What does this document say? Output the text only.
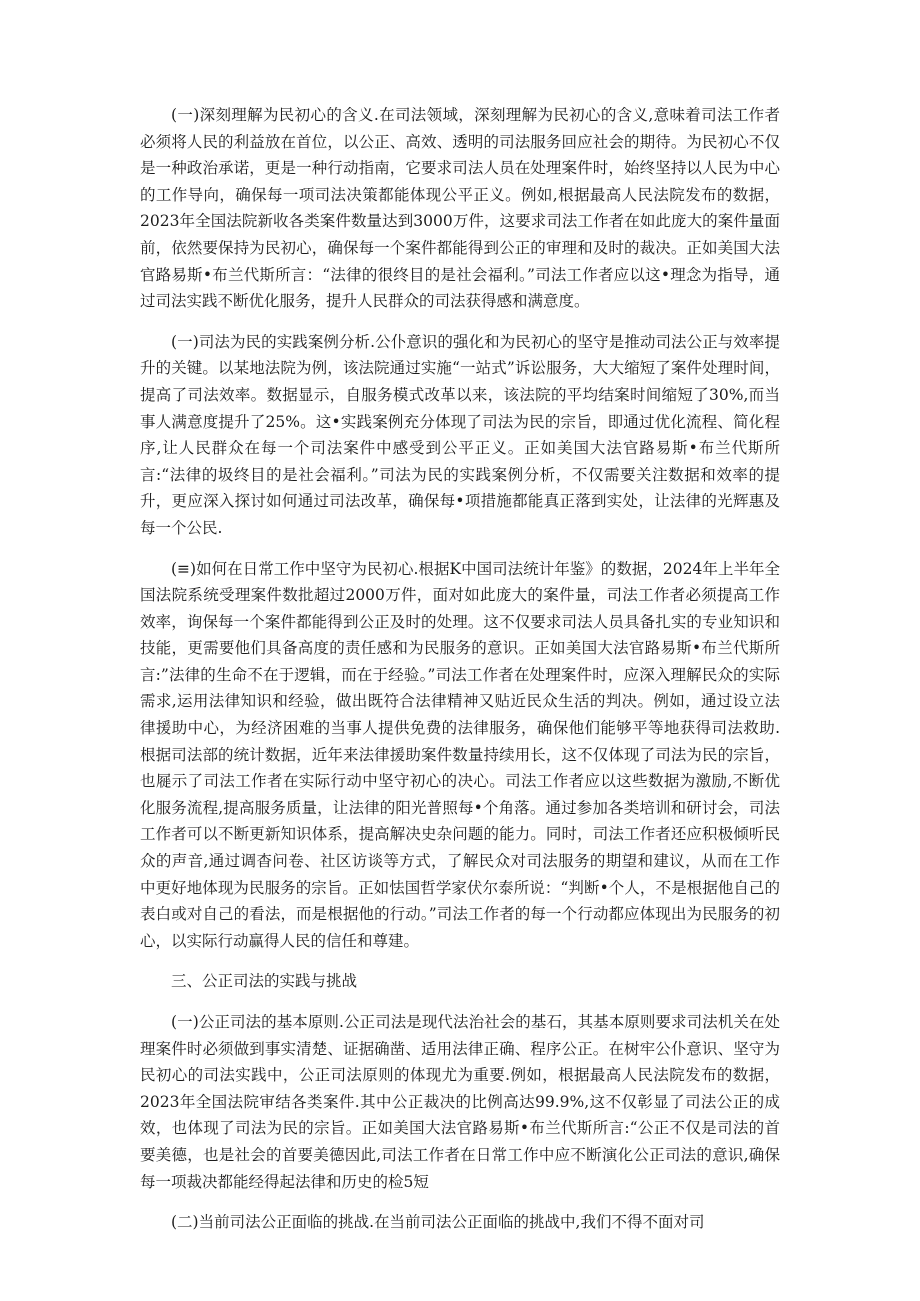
(一)深刻理解为民初心的含义.在司法领域，深刻理解为民初心的含义,意味着司法工作者必须将人民的利益放在首位，以公正、高效、透明的司法服务回应社会的期待。为民初心不仅是一种政治承诺，更是一种行动指南，它要求司法人员在处理案件时，始终坚持以人民为中心的工作导向，确保每一项司法决策都能体现公平正义。例如,根据最高人民法院发布的数据，2023年全国法院新收各类案件数量达到3000万件，这要求司法工作者在如此庞大的案件量面前，依然要保持为民初心，确保每一个案件都能得到公正的审理和及时的裁决。正如美国大法官路易斯•布兰代斯所言：“法律的很终目的是社会福利。”司法工作者应以这•理念为指导，通过司法实践不断优化服务，提升人民群众的司法获得感和满意度。

(一)司法为民的实践案例分析.公仆意识的强化和为民初心的坚守是推动司法公正与效率提升的关键。以某地法院为例，该法院通过实施“一站式”诉讼服务，大大缩短了案件处理时间，提高了司法效率。数据显示，自服务模式改革以来，该法院的平均结案时间缩短了30%,而当事人满意度提升了25%。这•实践案例充分体现了司法为民的宗旨，即通过优化流程、简化程序,让人民群众在每一个司法案件中感受到公平正义。正如美国大法官路易斯•布兰代斯所言:“法律的圾终目的是社会福利。”司法为民的实践案例分析，不仅需要关注数据和效率的提升，更应深入探讨如何通过司法改革，确保每•项措施都能真正落到实处，让法律的光辉惠及每一个公民.

(≡)如何在日常工作中坚守为民初心.根据K中国司法统计年鉴》的数据，2024年上半年全国法院系统受理案件数批超过2000万件，面对如此庞大的案件量，司法工作者必须提高工作效率，询保每一个案件都能得到公正及时的处理。这不仅要求司法人员具备扎实的专业知识和技能，更需要他们具备高度的责任感和为民服务的意识。正如美国大法官路易斯•布兰代斯所言:”法律的生命不在于逻辑，而在于经验。”司法工作者在处理案件时，应深入理解民众的实际需求,运用法律知识和经验，做出既符合法律精神又贴近民众生活的判决。例如，通过设立法律援助中心，为经济困难的当事人提供免费的法律服务，确保他们能够平等地获得司法救助.根据司法部的统计数据，近年来法律援助案件数量持续用长，这不仅体现了司法为民的宗旨，也屣示了司法工作者在实际行动中坚守初心的决心。司法工作者应以这些数据为激励,不断优化服务流程,提高服务质量，让法律的阳光普照每•个角落。通过参加各类培训和研讨会，司法工作者可以不断更新知识体系，提高解决史杂问题的能力。同时，司法工作者还应积极倾听民众的声音,通过调杳问卷、社区访谈等方式，了解民众对司法服务的期望和建议，从而在工作中更好地体现为民服务的宗旨。正如怯国哲学家伏尔泰所说：“判断•个人，不是根据他自己的表白或对自己的看法，而是根据他的行动。”司法工作者的每一个行动都应体现出为民服务的初心，以实际行动赢得人民的信任和尊建。

三、公正司法的实践与挑战

(一)公正司法的基本原则.公正司法是现代法治社会的基石，其基本原则要求司法机关在处理案件时必须做到事实清楚、证据确凿、适用法律正确、程序公正。在树牢公仆意识、坚守为民初心的司法实践中，公正司法原则的体现尤为重要.例如，根据最高人民法院发布的数据，2023年全国法院审结各类案件.其中公正裁决的比例高达99.9%,这不仅彰显了司法公正的成效，也体现了司法为民的宗旨。正如美国大法官路易斯•布兰代斯所言:“公正不仅是司法的首要美德，也是社会的首要美德因此,司法工作者在日常工作中应不断演化公正司法的意识,确保每一项裁决都能经得起法律和历史的检5短

(二)当前司法公正面临的挑战.在当前司法公正面临的挑战中,我们不得不面对司
